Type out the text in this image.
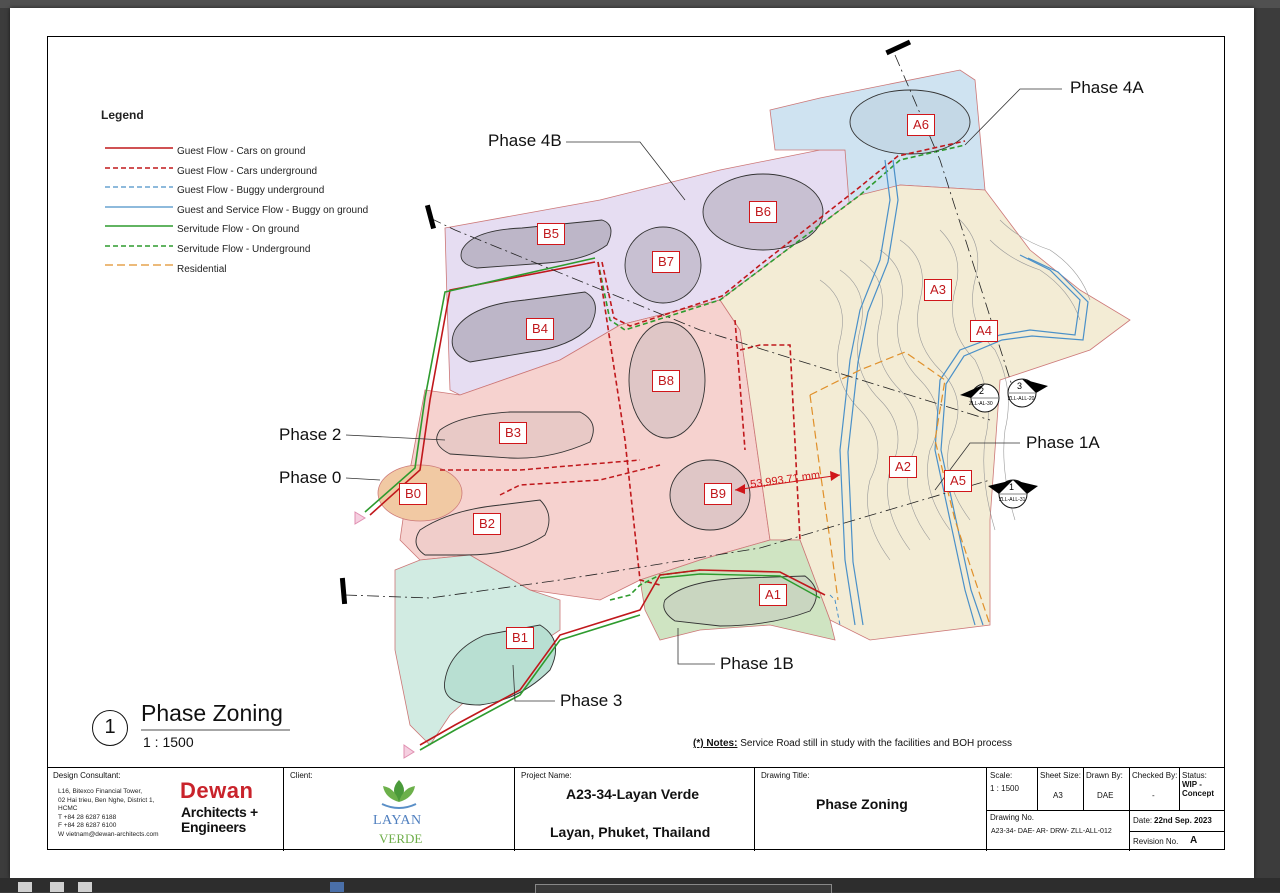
Legend
Guest Flow - Cars on ground
Guest Flow - Cars underground
Guest Flow - Buggy underground
Guest and Service Flow - Buggy on ground
Servitude Flow - On ground
Servitude Flow - Underground
Residential
A6
B6
B5
B7
A3
B4	A4
B8
B3
A2
A5
B0	B9
B2
A1
B1
Phase 4A
Phase 4B
Phase 2
Phase 0
Phase 1A
Phase 1B
Phase 3
53,993.71 mm
2
ZLL-AL-30
3
ZLL-ALL-20
1
ZLL-ALL-31
1
Phase Zoning
1 : 1500	(*) Notes: Service Road still in study with the facilities and BOH process
Design Consultant:
L16, Bitexco Financial Tower,
02 Hai trieu, Ben Nghe, District 1,
HCMC
T +84 28 6287 6188
F +84 28 6287 6100
W vietnam@dewan-architects.com
Dewan
Architects +
Engineers
Client:
LAYAN
VERDE
Project Name:
A23-34-Layan Verde
Layan, Phuket, Thailand
Drawing Title:
Phase Zoning
Scale:
1 : 1500
Sheet Size:
A3
Drawn By:
DAE
Checked By:
-
Status:
WIP -
Concept
Drawing No.
A23-34- DAE- AR- DRW- ZLL-ALL-012
Date: 22nd Sep. 2023
Revision No. A
